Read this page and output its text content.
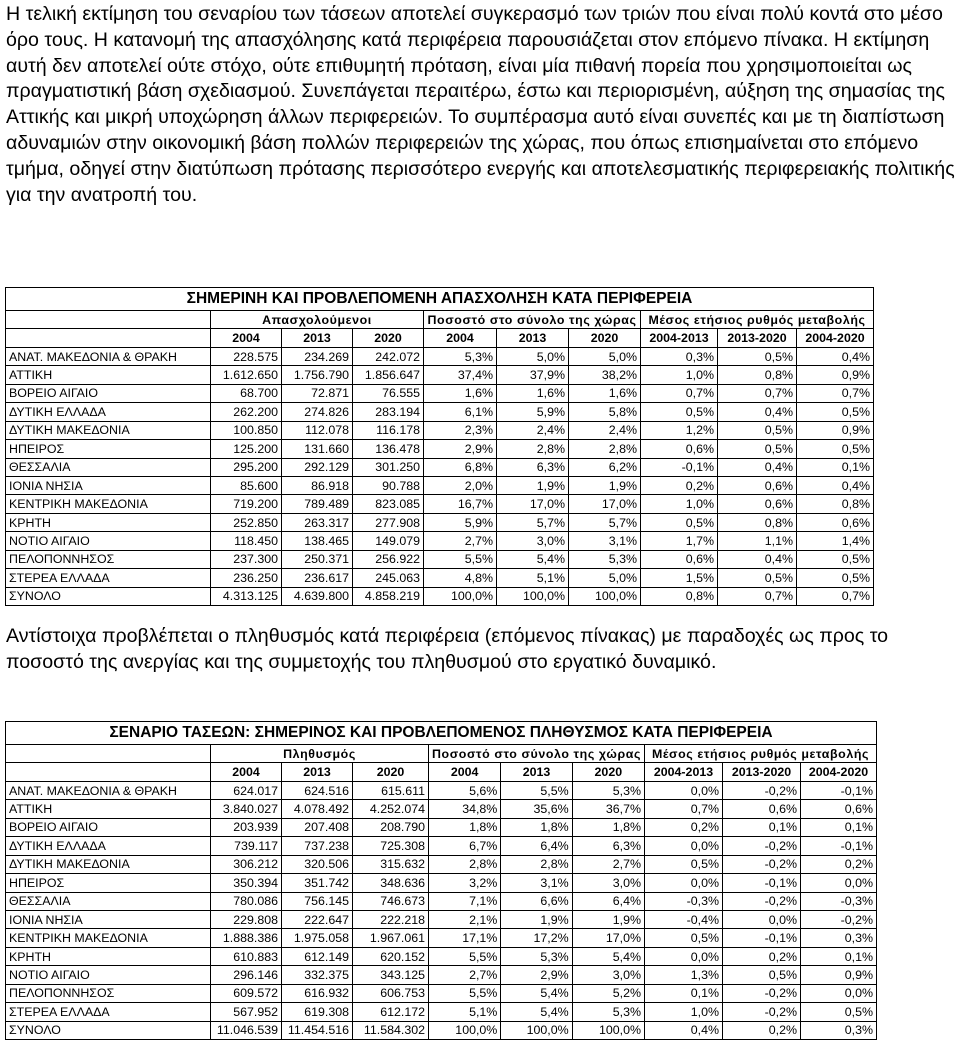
Η τελική εκτίμηση του σεναρίου των τάσεων αποτελεί συγκερασμό των τριών που είναι πολύ κοντά στο μέσο όρο τους. Η κατανομή της απασχόλησης κατά περιφέρεια παρουσιάζεται στον επόμενο πίνακα. Η εκτίμηση αυτή δεν αποτελεί ούτε στόχο, ούτε επιθυμητή πρόταση, είναι μία πιθανή πορεία που χρησιμοποιείται ως πραγματιστική βάση σχεδιασμού. Συνεπάγεται περαιτέρω, έστω και περιορισμένη, αύξηση της σημασίας της Αττικής και μικρή υποχώρηση άλλων περιφερειών. Το συμπέρασμα αυτό είναι συνεπές και με τη διαπίστωση αδυναμιών στην οικονομική βάση πολλών περιφερειών της χώρας, που όπως επισημαίνεται στο επόμενο τμήμα, οδηγεί στην διατύπωση πρότασης περισσότερο ενεργής και αποτελεσματικής περιφερειακής πολιτικής για την ανατροπή του.

ΣΗΜΕΡΙΝΗ ΚΑΙ ΠΡΟΒΛΕΠΟΜΕΝΗ ΑΠΑΣΧΟΛΗΣΗ ΚΑΤΑ ΠΕΡΙΦΕΡΕΙΑ									
	Απασχολούμενοι			Ποσοστό στο σύνολο της χώρας			Μέσος ετήσιος ρυθμός μεταβολής		
	2004	2013	2020	2004	2013	2020	2004-2013	2013-2020	2004-2020
ΑΝΑΤ. ΜΑΚΕΔΟΝΙΑ & ΘΡΑΚΗ	228.575	234.269	242.072	5,3%	5,0%	5,0%	0,3%	0,5%	0,4%
ΑΤΤΙΚΗ	1.612.650	1.756.790	1.856.647	37,4%	37,9%	38,2%	1,0%	0,8%	0,9%
ΒΟΡΕΙΟ ΑΙΓΑΙΟ	68.700	72.871	76.555	1,6%	1,6%	1,6%	0,7%	0,7%	0,7%
ΔΥΤΙΚΗ ΕΛΛΑΔΑ	262.200	274.826	283.194	6,1%	5,9%	5,8%	0,5%	0,4%	0,5%
ΔΥΤΙΚΗ ΜΑΚΕΔΟΝΙΑ	100.850	112.078	116.178	2,3%	2,4%	2,4%	1,2%	0,5%	0,9%
ΗΠΕΙΡΟΣ	125.200	131.660	136.478	2,9%	2,8%	2,8%	0,6%	0,5%	0,5%
ΘΕΣΣΑΛΙΑ	295.200	292.129	301.250	6,8%	6,3%	6,2%	-0,1%	0,4%	0,1%
ΙΟΝΙΑ ΝΗΣΙΑ	85.600	86.918	90.788	2,0%	1,9%	1,9%	0,2%	0,6%	0,4%
ΚΕΝΤΡΙΚΗ ΜΑΚΕΔΟΝΙΑ	719.200	789.489	823.085	16,7%	17,0%	17,0%	1,0%	0,6%	0,8%
ΚΡΗΤΗ	252.850	263.317	277.908	5,9%	5,7%	5,7%	0,5%	0,8%	0,6%
ΝΟΤΙΟ ΑΙΓΑΙΟ	118.450	138.465	149.079	2,7%	3,0%	3,1%	1,7%	1,1%	1,4%
ΠΕΛΟΠΟΝΝΗΣΟΣ	237.300	250.371	256.922	5,5%	5,4%	5,3%	0,6%	0,4%	0,5%
ΣΤΕΡΕΑ ΕΛΛΑΔΑ	236.250	236.617	245.063	4,8%	5,1%	5,0%	1,5%	0,5%	0,5%
ΣΥΝΟΛΟ	4.313.125	4.639.800	4.858.219	100,0%	100,0%	100,0%	0,8%	0,7%	0,7%

Αντίστοιχα προβλέπεται ο πληθυσμός κατά περιφέρεια (επόμενος πίνακας) με παραδοχές ως προς το ποσοστό της ανεργίας και της συμμετοχής του πληθυσμού στο εργατικό δυναμικό.

ΣΕΝΑΡΙΟ ΤΑΣΕΩΝ: ΣΗΜΕΡΙΝΟΣ ΚΑΙ ΠΡΟΒΛΕΠΟΜΕΝΟΣ ΠΛΗΘΥΣΜΟΣ ΚΑΤΑ ΠΕΡΙΦΕΡΕΙΑ									
	Πληθυσμός			Ποσοστό στο σύνολο της χώρας			Μέσος ετήσιος ρυθμός μεταβολής		
	2004	2013	2020	2004	2013	2020	2004-2013	2013-2020	2004-2020
ΑΝΑΤ. ΜΑΚΕΔΟΝΙΑ & ΘΡΑΚΗ	624.017	624.516	615.611	5,6%	5,5%	5,3%	0,0%	-0,2%	-0,1%
ΑΤΤΙΚΗ	3.840.027	4.078.492	4.252.074	34,8%	35,6%	36,7%	0,7%	0,6%	0,6%
ΒΟΡΕΙΟ ΑΙΓΑΙΟ	203.939	207.408	208.790	1,8%	1,8%	1,8%	0,2%	0,1%	0,1%
ΔΥΤΙΚΗ ΕΛΛΑΔΑ	739.117	737.238	725.308	6,7%	6,4%	6,3%	0,0%	-0,2%	-0,1%
ΔΥΤΙΚΗ ΜΑΚΕΔΟΝΙΑ	306.212	320.506	315.632	2,8%	2,8%	2,7%	0,5%	-0,2%	0,2%
ΗΠΕΙΡΟΣ	350.394	351.742	348.636	3,2%	3,1%	3,0%	0,0%	-0,1%	0,0%
ΘΕΣΣΑΛΙΑ	780.086	756.145	746.673	7,1%	6,6%	6,4%	-0,3%	-0,2%	-0,3%
ΙΟΝΙΑ ΝΗΣΙΑ	229.808	222.647	222.218	2,1%	1,9%	1,9%	-0,4%	0,0%	-0,2%
ΚΕΝΤΡΙΚΗ ΜΑΚΕΔΟΝΙΑ	1.888.386	1.975.058	1.967.061	17,1%	17,2%	17,0%	0,5%	-0,1%	0,3%
ΚΡΗΤΗ	610.883	612.149	620.152	5,5%	5,3%	5,4%	0,0%	0,2%	0,1%
ΝΟΤΙΟ ΑΙΓΑΙΟ	296.146	332.375	343.125	2,7%	2,9%	3,0%	1,3%	0,5%	0,9%
ΠΕΛΟΠΟΝΝΗΣΟΣ	609.572	616.932	606.753	5,5%	5,4%	5,2%	0,1%	-0,2%	0,0%
ΣΤΕΡΕΑ ΕΛΛΑΔΑ	567.952	619.308	612.172	5,1%	5,4%	5,3%	1,0%	-0,2%	0,5%
ΣΥΝΟΛΟ	11.046.539	11.454.516	11.584.302	100,0%	100,0%	100,0%	0,4%	0,2%	0,3%
